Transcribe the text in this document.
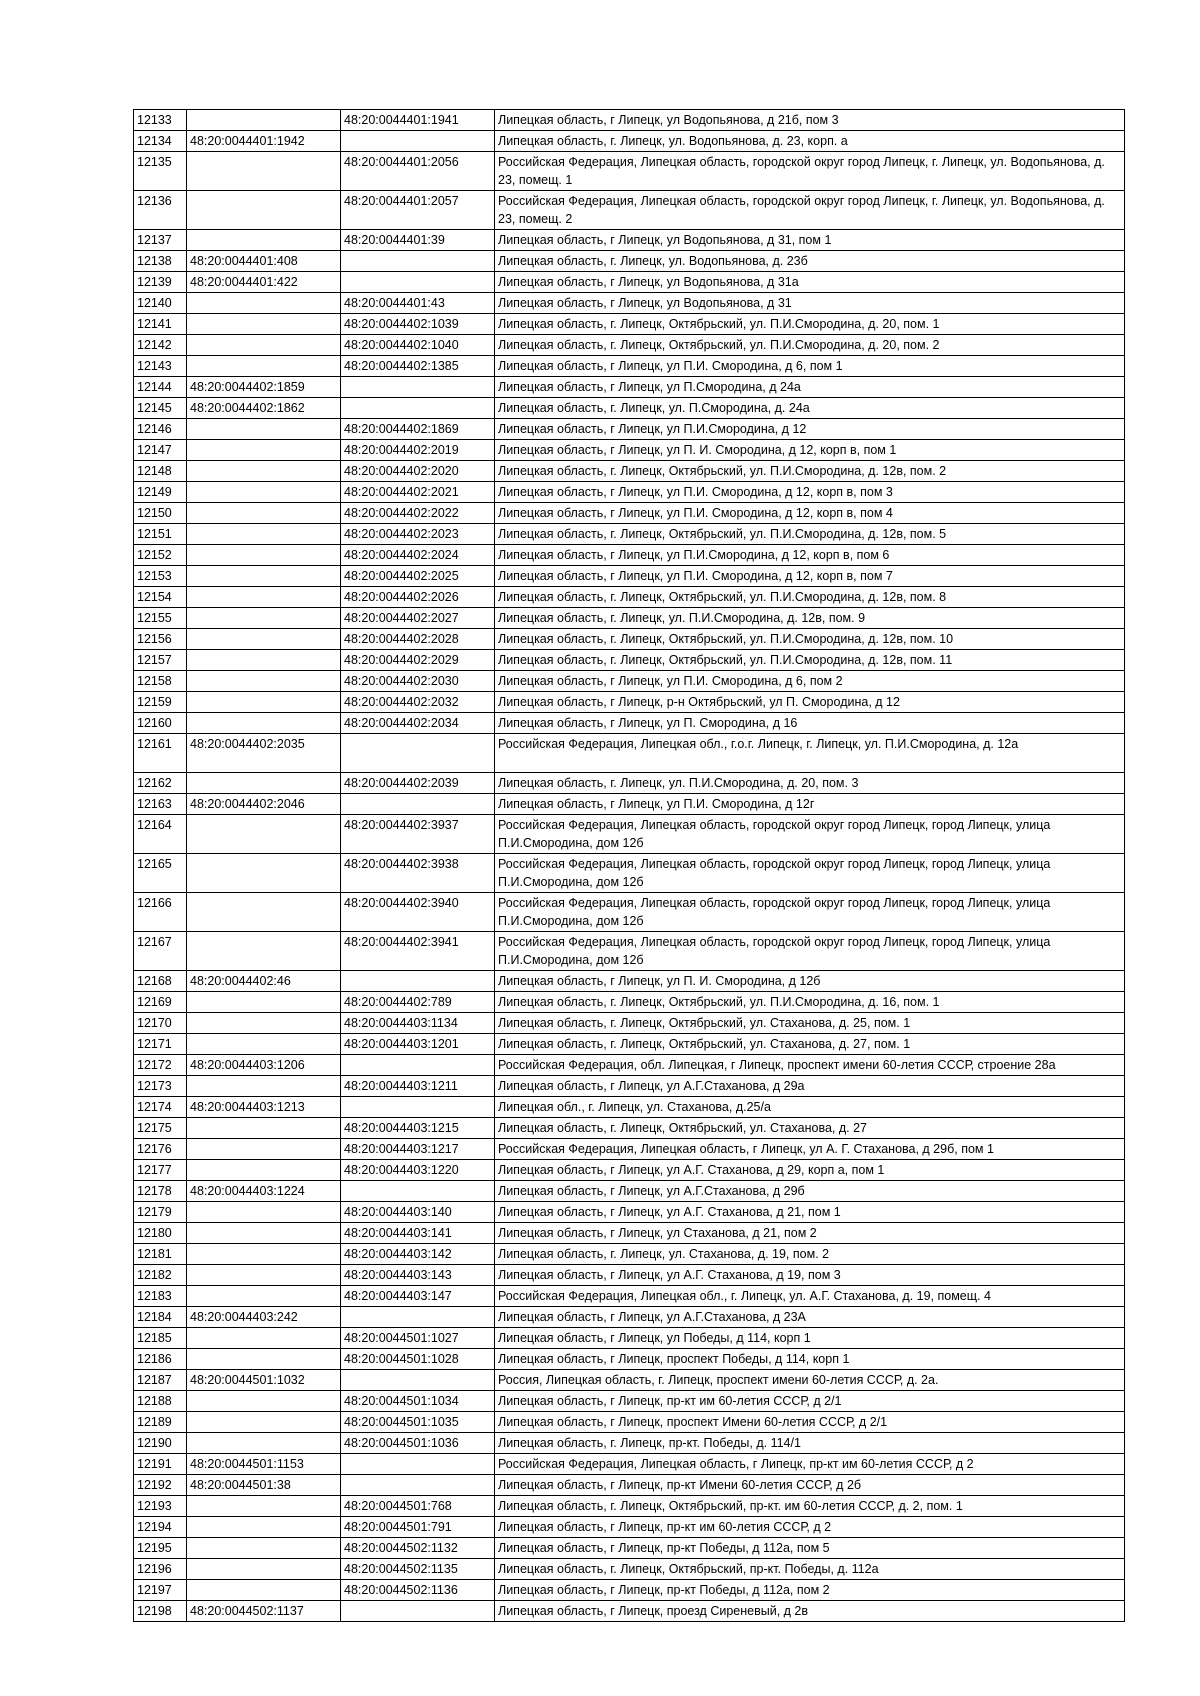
12133		48:20:0044401:1941	Липецкая область, г Липецк, ул Водопьянова, д 21б, пом 3
12134	48:20:0044401:1942		Липецкая область, г. Липецк, ул. Водопьянова, д. 23, корп. а
12135		48:20:0044401:2056	Российская Федерация, Липецкая область, городской округ город Липецк, г. Липецк, ул. Водопьянова, д. 23, помещ. 1
12136		48:20:0044401:2057	Российская Федерация, Липецкая область, городской округ город Липецк, г. Липецк, ул. Водопьянова, д. 23, помещ. 2
12137		48:20:0044401:39	Липецкая область, г Липецк, ул Водопьянова, д 31, пом 1
12138	48:20:0044401:408		Липецкая область, г. Липецк, ул. Водопьянова, д. 23б
12139	48:20:0044401:422		Липецкая область, г Липецк, ул Водопьянова, д 31а
12140		48:20:0044401:43	Липецкая область, г Липецк, ул Водопьянова, д 31
12141		48:20:0044402:1039	Липецкая область, г. Липецк, Октябрьский, ул. П.И.Смородина, д. 20, пом. 1
12142		48:20:0044402:1040	Липецкая область, г. Липецк, Октябрьский, ул. П.И.Смородина, д. 20, пом. 2
12143		48:20:0044402:1385	Липецкая область, г Липецк, ул П.И. Смородина, д 6, пом 1
12144	48:20:0044402:1859		Липецкая область, г Липецк, ул П.Смородина, д 24а
12145	48:20:0044402:1862		Липецкая область, г. Липецк, ул. П.Смородина, д. 24а
12146		48:20:0044402:1869	Липецкая область, г Липецк, ул П.И.Смородина, д 12
12147		48:20:0044402:2019	Липецкая область, г Липецк, ул П. И. Смородина, д 12, корп в, пом 1
12148		48:20:0044402:2020	Липецкая область, г. Липецк, Октябрьский, ул. П.И.Смородина, д. 12в, пом. 2
12149		48:20:0044402:2021	Липецкая область, г Липецк, ул П.И. Смородина, д 12, корп в, пом 3
12150		48:20:0044402:2022	Липецкая область, г Липецк, ул П.И. Смородина, д 12, корп в, пом 4
12151		48:20:0044402:2023	Липецкая область, г. Липецк, Октябрьский, ул. П.И.Смородина, д. 12в, пом. 5
12152		48:20:0044402:2024	Липецкая область, г Липецк, ул П.И.Смородина, д 12, корп в, пом 6
12153		48:20:0044402:2025	Липецкая область, г Липецк, ул П.И. Смородина, д 12, корп в, пом 7
12154		48:20:0044402:2026	Липецкая область, г. Липецк, Октябрьский, ул. П.И.Смородина, д. 12в, пом. 8
12155		48:20:0044402:2027	Липецкая область, г. Липецк, ул. П.И.Смородина, д. 12в, пом. 9
12156		48:20:0044402:2028	Липецкая область, г. Липецк, Октябрьский, ул. П.И.Смородина, д. 12в, пом. 10
12157		48:20:0044402:2029	Липецкая область, г. Липецк, Октябрьский, ул. П.И.Смородина, д. 12в, пом. 11
12158		48:20:0044402:2030	Липецкая область, г Липецк, ул П.И. Смородина, д 6, пом 2
12159		48:20:0044402:2032	Липецкая область, г Липецк, р-н Октябрьский, ул П. Смородина, д 12
12160		48:20:0044402:2034	Липецкая область, г Липецк, ул П. Смородина, д 16
12161	48:20:0044402:2035		Российская Федерация, Липецкая обл., г.о.г. Липецк, г. Липецк, ул. П.И.Смородина, д. 12а
12162		48:20:0044402:2039	Липецкая область, г. Липецк, ул. П.И.Смородина, д. 20, пом. 3
12163	48:20:0044402:2046		Липецкая область, г Липецк, ул П.И. Смородина, д 12г
12164		48:20:0044402:3937	Российская Федерация, Липецкая область, городской округ город Липецк, город Липецк, улица П.И.Смородина, дом 12б
12165		48:20:0044402:3938	Российская Федерация, Липецкая область, городской округ город Липецк, город Липецк, улица П.И.Смородина, дом 12б
12166		48:20:0044402:3940	Российская Федерация, Липецкая область, городской округ город Липецк, город Липецк, улица П.И.Смородина, дом 12б
12167		48:20:0044402:3941	Российская Федерация, Липецкая область, городской округ город Липецк, город Липецк, улица П.И.Смородина, дом 12б
12168	48:20:0044402:46		Липецкая область, г Липецк, ул П. И. Смородина, д 12б
12169		48:20:0044402:789	Липецкая область, г. Липецк, Октябрьский, ул. П.И.Смородина, д. 16, пом. 1
12170		48:20:0044403:1134	Липецкая область, г. Липецк, Октябрьский, ул. Стаханова, д. 25, пом. 1
12171		48:20:0044403:1201	Липецкая область, г. Липецк, Октябрьский, ул. Стаханова, д. 27, пом. 1
12172	48:20:0044403:1206		Российская Федерация, обл. Липецкая, г Липецк, проспект имени 60-летия СССР, строение 28а
12173		48:20:0044403:1211	Липецкая область, г Липецк, ул А.Г.Стаханова, д 29а
12174	48:20:0044403:1213		Липецкая обл., г. Липецк, ул. Стаханова, д.25/а
12175		48:20:0044403:1215	Липецкая область, г. Липецк, Октябрьский, ул. Стаханова, д. 27
12176		48:20:0044403:1217	Российская Федерация, Липецкая область, г Липецк, ул А. Г. Стаханова, д 29б, пом 1
12177		48:20:0044403:1220	Липецкая область, г Липецк, ул А.Г. Стаханова, д 29, корп а, пом 1
12178	48:20:0044403:1224		Липецкая область, г Липецк, ул А.Г.Стаханова, д 29б
12179		48:20:0044403:140	Липецкая область, г Липецк, ул А.Г. Стаханова, д 21, пом 1
12180		48:20:0044403:141	Липецкая область, г Липецк, ул Стаханова, д 21, пом 2
12181		48:20:0044403:142	Липецкая область, г. Липецк, ул. Стаханова, д. 19, пом. 2
12182		48:20:0044403:143	Липецкая область, г Липецк, ул А.Г. Стаханова, д 19, пом 3
12183		48:20:0044403:147	Российская Федерация, Липецкая обл., г. Липецк, ул. А.Г. Стаханова, д. 19, помещ. 4
12184	48:20:0044403:242		Липецкая область, г Липецк, ул А.Г.Стаханова, д 23А
12185		48:20:0044501:1027	Липецкая область, г Липецк, ул Победы, д 114, корп 1
12186		48:20:0044501:1028	Липецкая область, г Липецк, проспект Победы, д 114, корп 1
12187	48:20:0044501:1032		Россия, Липецкая область, г. Липецк, проспект имени 60-летия СССР, д. 2а.
12188		48:20:0044501:1034	Липецкая область, г Липецк, пр-кт им 60-летия СССР, д 2/1
12189		48:20:0044501:1035	Липецкая область, г Липецк, проспект Имени 60-летия СССР, д 2/1
12190		48:20:0044501:1036	Липецкая область, г. Липецк, пр-кт. Победы, д. 114/1
12191	48:20:0044501:1153		Российская Федерация, Липецкая область, г Липецк, пр-кт им 60-летия СССР, д 2
12192	48:20:0044501:38		Липецкая область, г Липецк, пр-кт Имени 60-летия СССР, д 2б
12193		48:20:0044501:768	Липецкая область, г. Липецк, Октябрьский, пр-кт. им 60-летия СССР, д. 2, пом. 1
12194		48:20:0044501:791	Липецкая область, г Липецк, пр-кт им 60-летия СССР, д 2
12195		48:20:0044502:1132	Липецкая область, г Липецк, пр-кт Победы, д 112а, пом 5
12196		48:20:0044502:1135	Липецкая область, г. Липецк, Октябрьский, пр-кт. Победы, д. 112а
12197		48:20:0044502:1136	Липецкая область, г Липецк, пр-кт Победы, д 112а, пом 2
12198	48:20:0044502:1137		Липецкая область, г Липецк, проезд Сиреневый, д 2в
